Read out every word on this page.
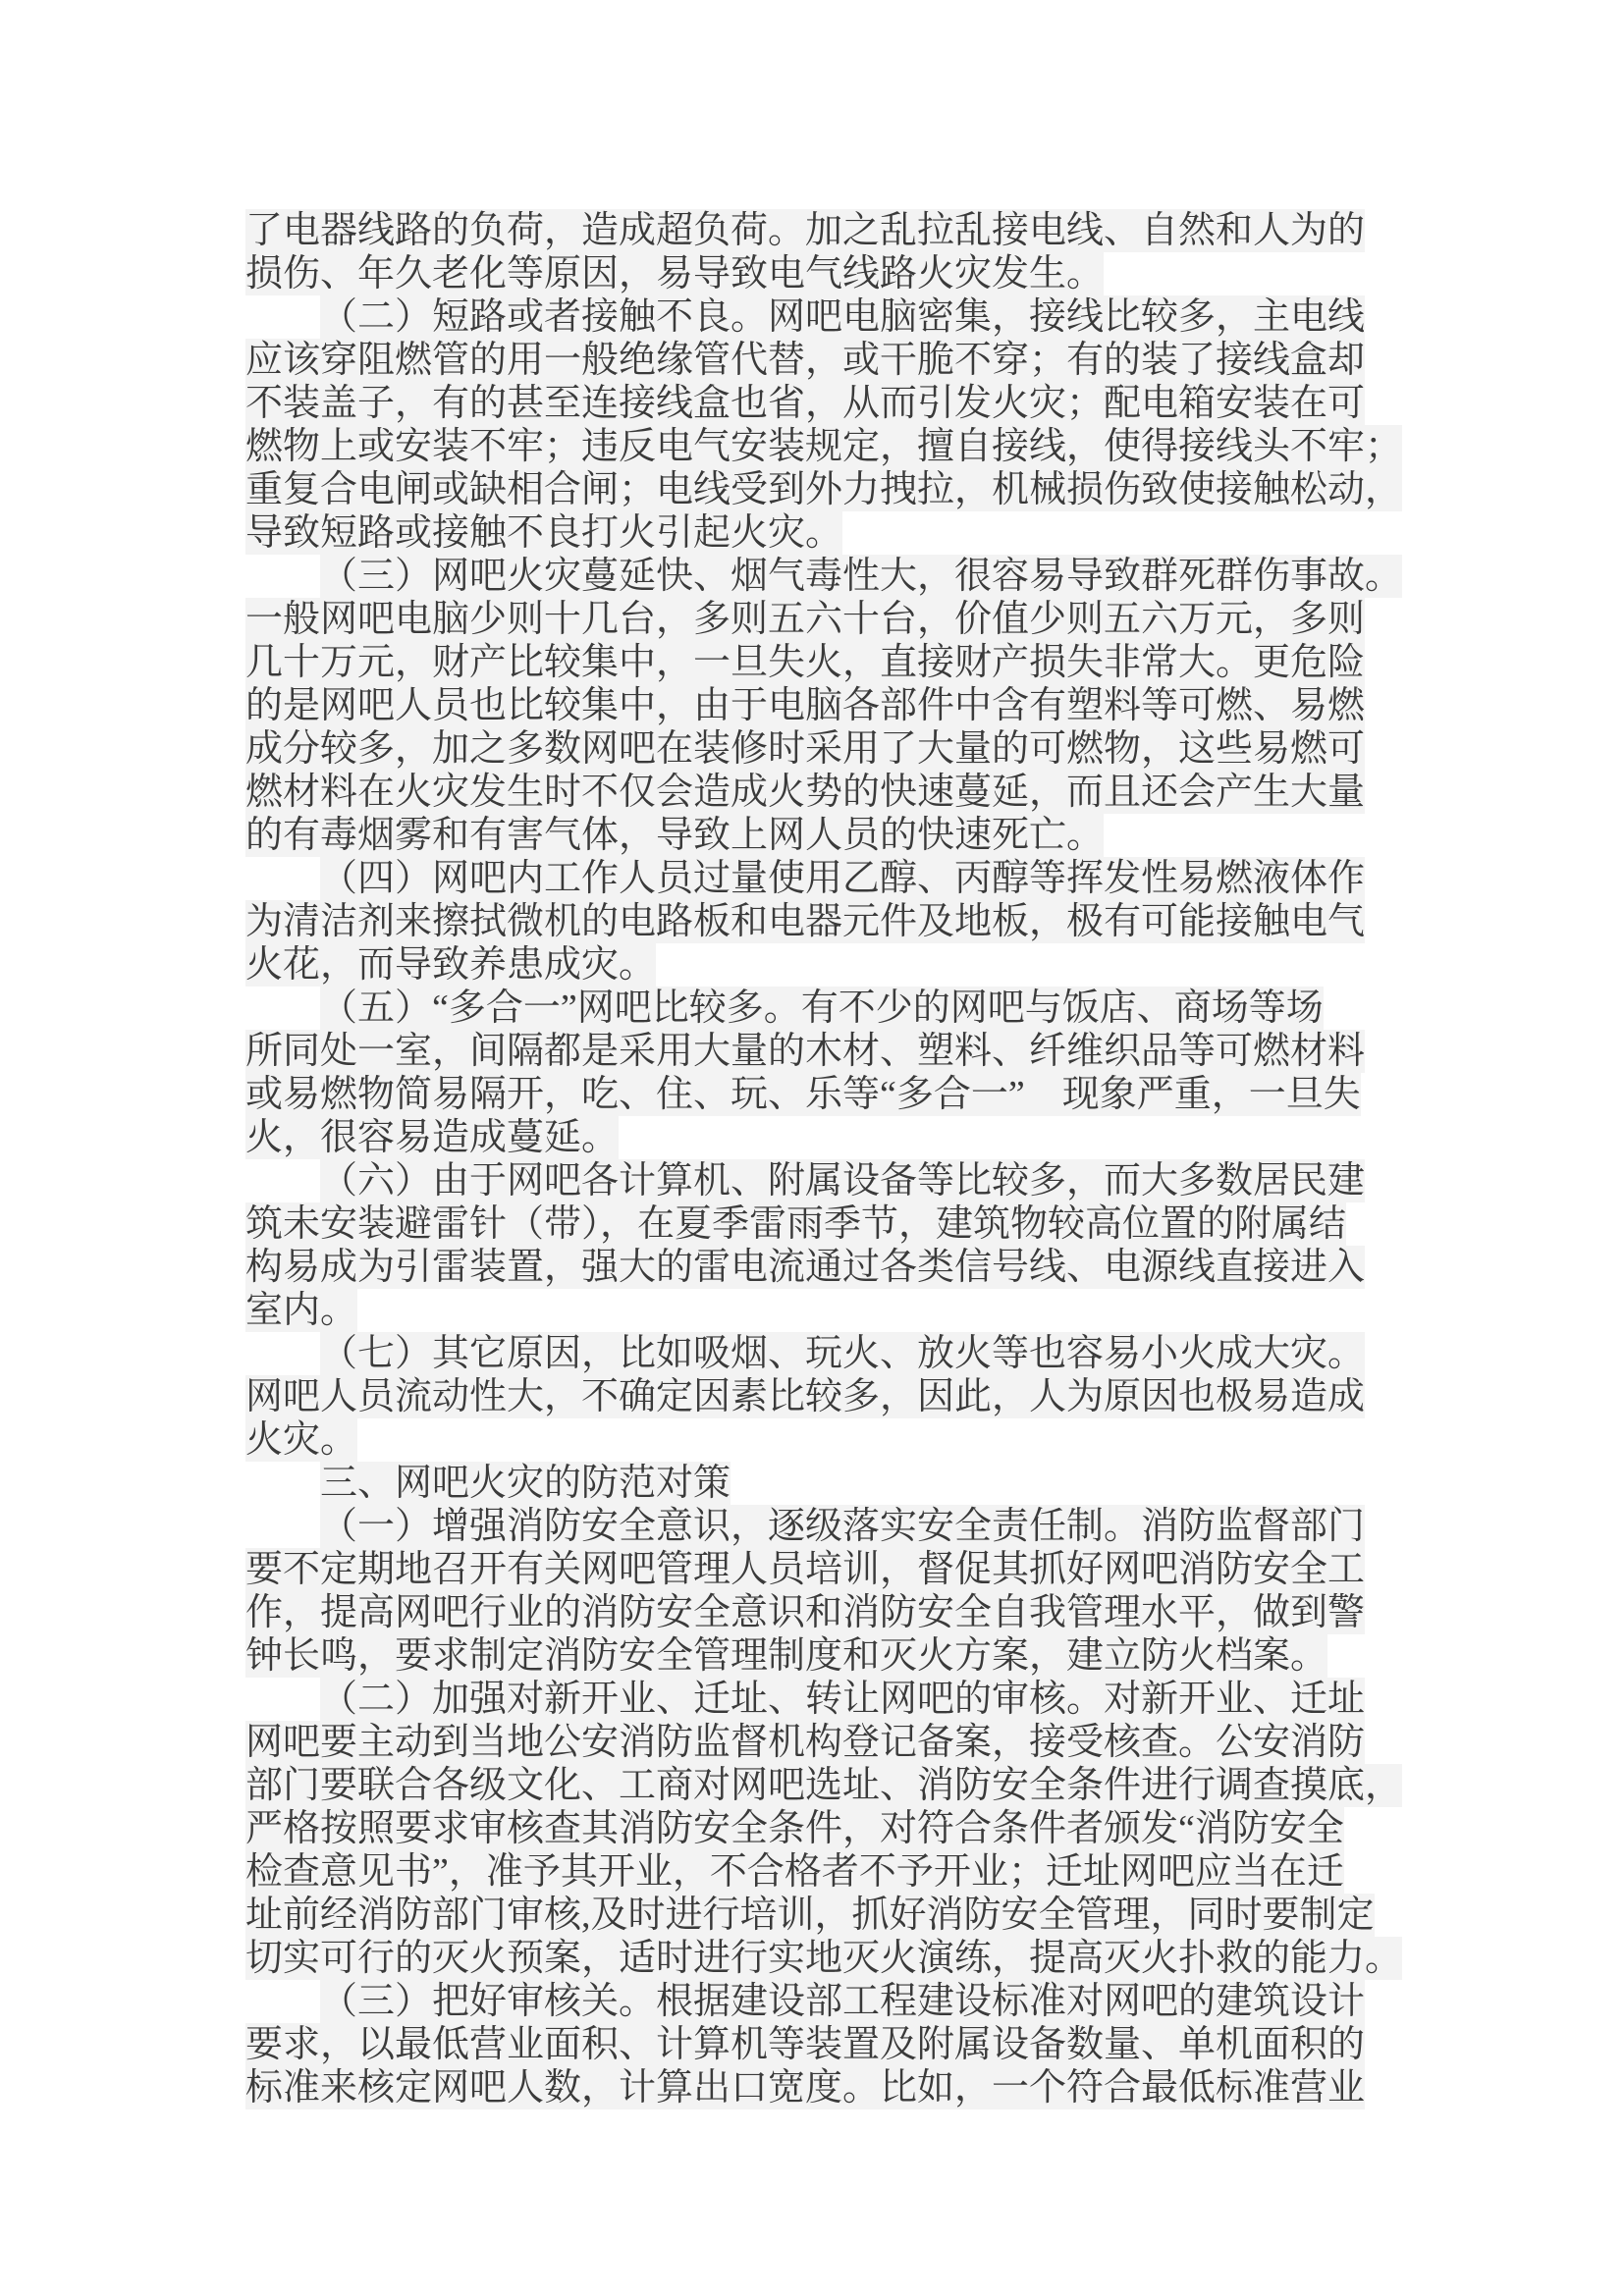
了电器线路的负荷，造成超负荷。加之乱拉乱接电线、自然和人为的
损伤、年久老化等原因，易导致电气线路火灾发生。
（二）短路或者接触不良。网吧电脑密集，接线比较多，主电线
应该穿阻燃管的用一般绝缘管代替，或干脆不穿；有的装了接线盒却
不装盖子，有的甚至连接线盒也省，从而引发火灾；配电箱安装在可
燃物上或安装不牢；违反电气安装规定，擅自接线，使得接线头不牢；
重复合电闸或缺相合闸；电线受到外力拽拉，机械损伤致使接触松动，
导致短路或接触不良打火引起火灾。
（三）网吧火灾蔓延快、烟气毒性大，很容易导致群死群伤事故。
一般网吧电脑少则十几台，多则五六十台，价值少则五六万元，多则
几十万元，财产比较集中，一旦失火，直接财产损失非常大。更危险
的是网吧人员也比较集中，由于电脑各部件中含有塑料等可燃、易燃
成分较多，加之多数网吧在装修时采用了大量的可燃物，这些易燃可
燃材料在火灾发生时不仅会造成火势的快速蔓延，而且还会产生大量
的有毒烟雾和有害气体，导致上网人员的快速死亡。
（四）网吧内工作人员过量使用乙醇、丙醇等挥发性易燃液体作
为清洁剂来擦拭微机的电路板和电器元件及地板，极有可能接触电气
火花，而导致养患成灾。
（五）“多合一”网吧比较多。有不少的网吧与饭店、商场等场
所同处一室，间隔都是采用大量的木材、塑料、纤维织品等可燃材料
或易燃物简易隔开，吃、住、玩、乐等“多合一”　现象严重，一旦失
火，很容易造成蔓延。
（六）由于网吧各计算机、附属设备等比较多，而大多数居民建
筑未安装避雷针（带），在夏季雷雨季节，建筑物较高位置的附属结
构易成为引雷装置，强大的雷电流通过各类信号线、电源线直接进入
室内。
（七）其它原因，比如吸烟、玩火、放火等也容易小火成大灾。
网吧人员流动性大，不确定因素比较多，因此，人为原因也极易造成
火灾。
三、网吧火灾的防范对策
（一）增强消防安全意识，逐级落实安全责任制。消防监督部门
要不定期地召开有关网吧管理人员培训，督促其抓好网吧消防安全工
作，提高网吧行业的消防安全意识和消防安全自我管理水平，做到警
钟长鸣，要求制定消防安全管理制度和灭火方案，建立防火档案。
（二）加强对新开业、迁址、转让网吧的审核。对新开业、迁址
网吧要主动到当地公安消防监督机构登记备案，接受核查。公安消防
部门要联合各级文化、工商对网吧选址、消防安全条件进行调查摸底，
严格按照要求审核查其消防安全条件，对符合条件者颁发“消防安全
检查意见书”，准予其开业，不合格者不予开业；迁址网吧应当在迁
址前经消防部门审核,及时进行培训，抓好消防安全管理，同时要制定
切实可行的灭火预案，适时进行实地灭火演练，提高灭火扑救的能力。
（三）把好审核关。根据建设部工程建设标准对网吧的建筑设计
要求，以最低营业面积、计算机等装置及附属设备数量、单机面积的
标准来核定网吧人数，计算出口宽度。比如，一个符合最低标准营业
